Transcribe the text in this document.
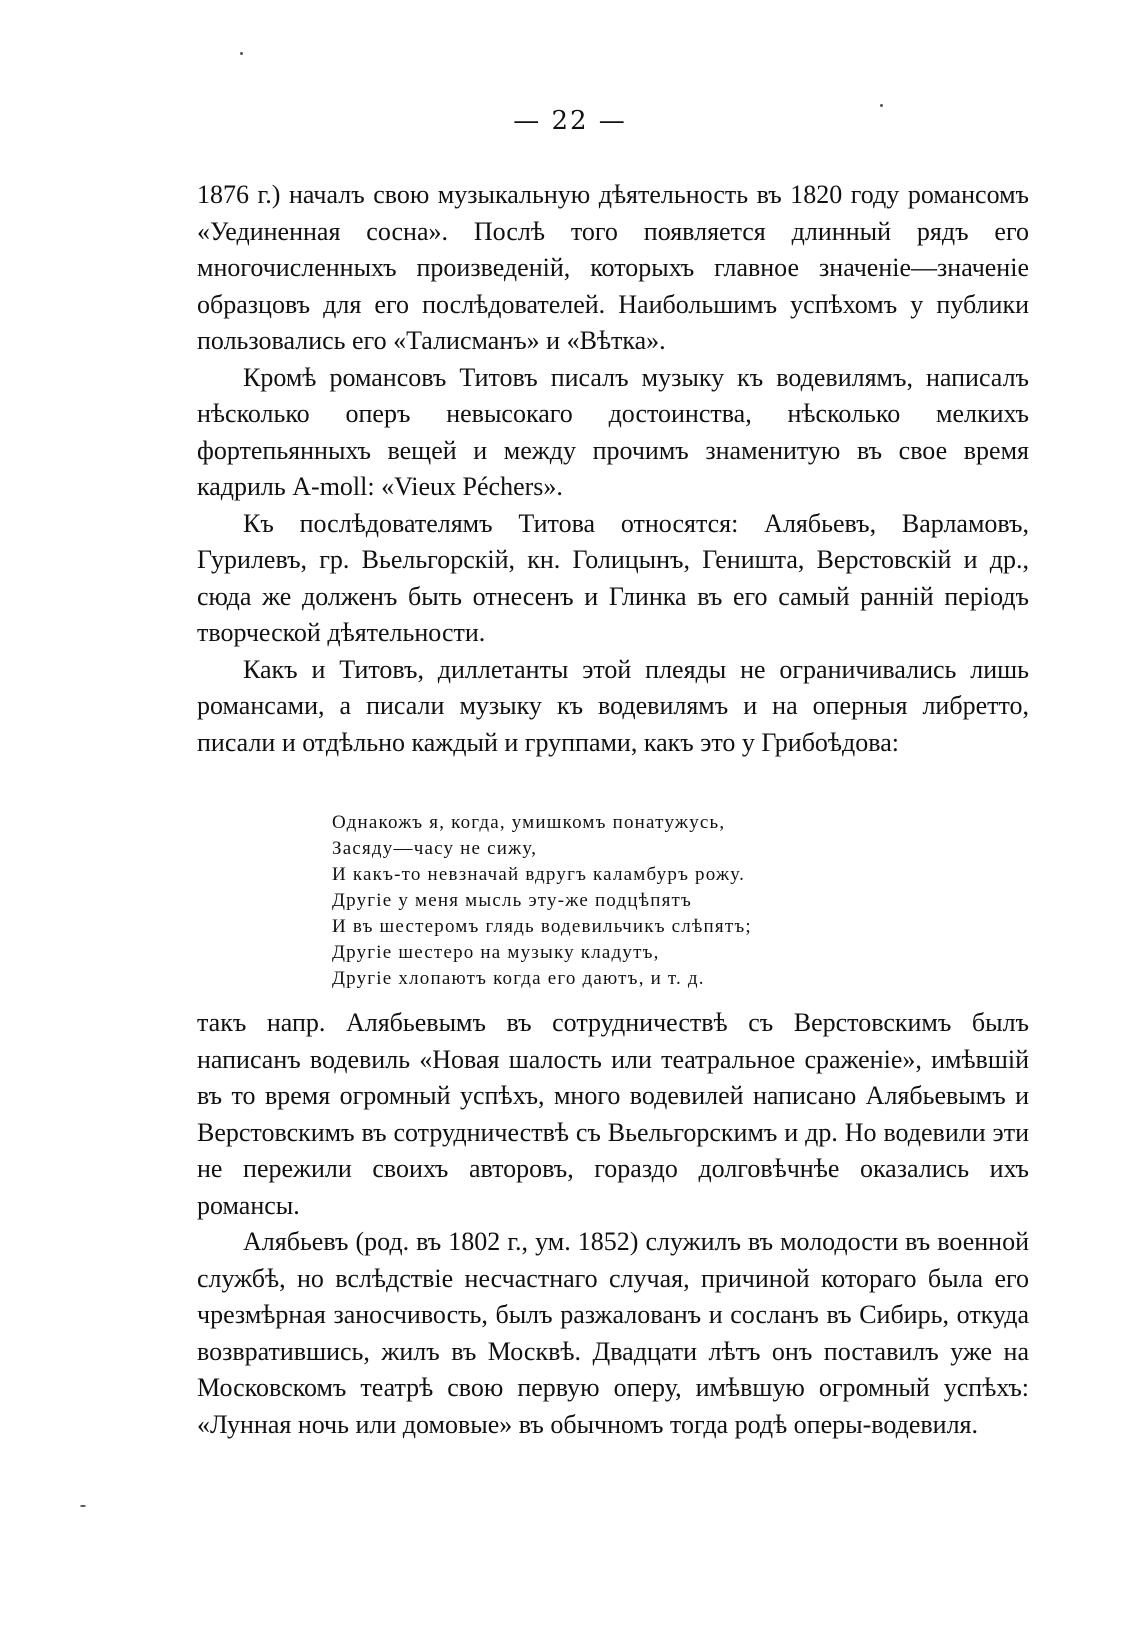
— 22 —

1876 г.) началъ свою музыкальную дѣятельность въ 1820 году романсомъ «Уединенная сосна». Послѣ того появляется длинный рядъ его многочисленныхъ произведеній, которыхъ главное значеніе—значеніе образцовъ для его послѣдователей. Наибольшимъ успѣхомъ у публики пользовались его «Талисманъ» и «Вѣтка».

Кромѣ романсовъ Титовъ писалъ музыку къ водевилямъ, написалъ нѣсколько оперъ невысокаго достоинства, нѣсколько мелкихъ фортепьянныхъ вещей и между прочимъ знаменитую въ свое время кадриль A-moll: «Vieux Péchers».

Къ послѣдователямъ Титова относятся: Алябьевъ, Варламовъ, Гурилевъ, гр. Вьельгорскій, кн. Голицынъ, Геништа, Верстовскій и др., сюда же долженъ быть отнесенъ и Глинка въ его самый ранній періодъ творческой дѣятельности.

Какъ и Титовъ, диллетанты этой плеяды не ограничивались лишь романсами, а писали музыку къ водевилямъ и на оперныя либретто, писали и отдѣльно каждый и группами, какъ это у Грибоѣдова:

Однакожъ я, когда, умишкомъ понатужусь,
Засяду—часу не сижу,
И какъ-то невзначай вдругъ каламбуръ рожу.
Другіе у меня мысль эту-же подцѣпятъ
И въ шестеромъ глядь водевильчикъ слѣпятъ;
Другіе шестеро на музыку кладутъ,
Другіе хлопаютъ когда его даютъ, и т. д.

такъ напр. Алябьевымъ въ сотрудничествѣ съ Верстовскимъ былъ написанъ водевиль «Новая шалость или театральное сраженіе», имѣвшій въ то время огромный успѣхъ, много водевилей написано Алябьевымъ и Верстовскимъ въ сотрудничествѣ съ Вьельгорскимъ и др. Но водевили эти не пережили своихъ авторовъ, гораздо долговѣчнѣе оказались ихъ романсы.

Алябьевъ (род. въ 1802 г., ум. 1852) служилъ въ молодости въ военной службѣ, но вслѣдствіе несчастнаго случая, причиной котораго была его чрезмѣрная заносчивость, былъ разжалованъ и сосланъ въ Сибирь, откуда возвратившись, жилъ въ Москвѣ. Двадцати лѣтъ онъ поставилъ уже на Московскомъ театрѣ свою первую оперу, имѣвшую огромный успѣхъ: «Лунная ночь или домовые» въ обычномъ тогда родѣ оперы-водевиля.
